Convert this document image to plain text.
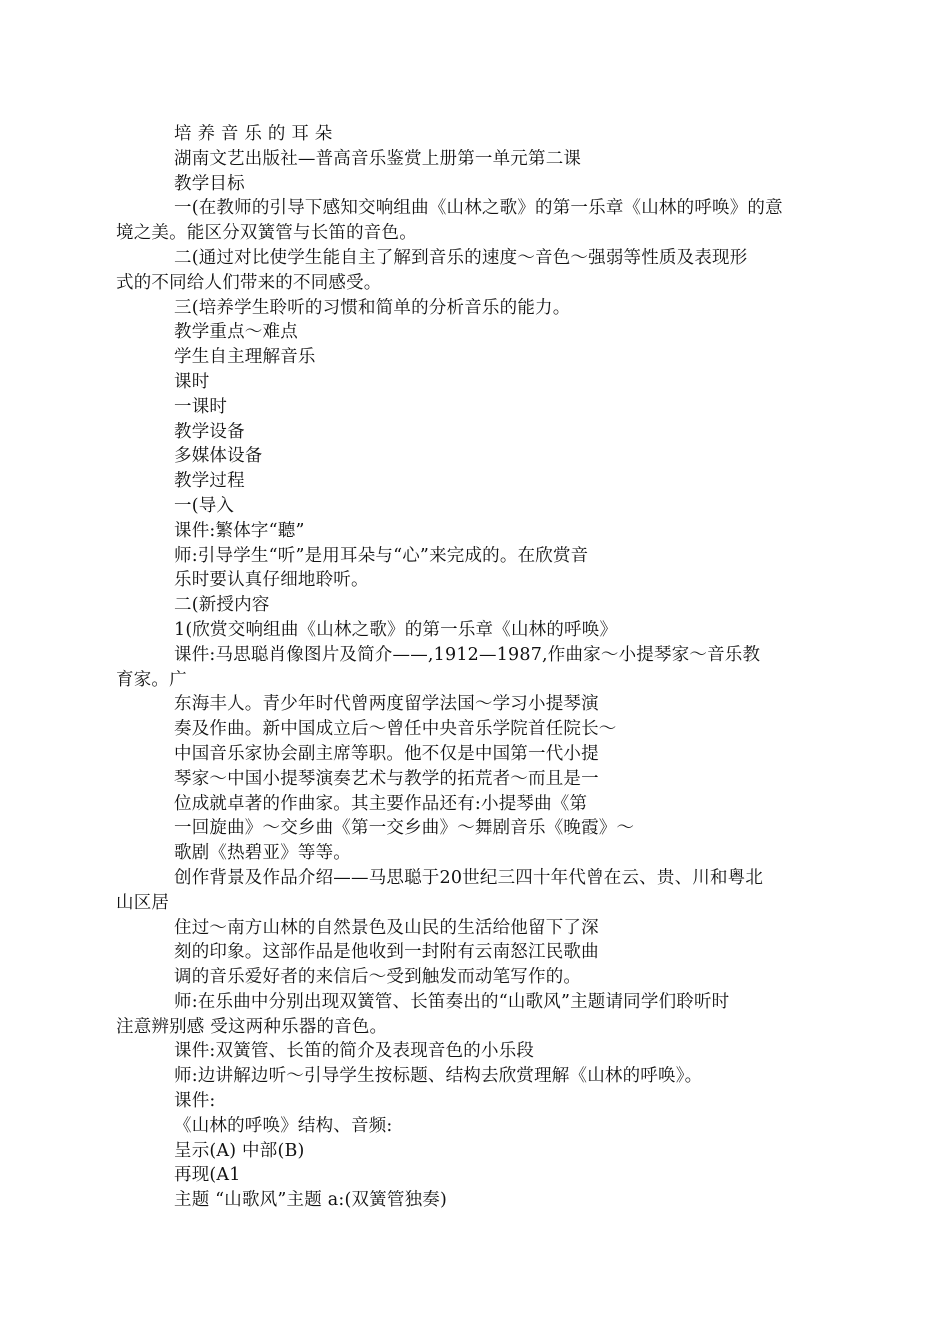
培 养 音 乐 的 耳 朵
湖南文艺出版社—普高音乐鉴赏上册第一单元第二课
教学目标
一(在教师的引导下感知交响组曲《山林之歌》的第一乐章《山林的呼唤》的意
境之美。能区分双簧管与长笛的音色。
二(通过对比使学生能自主了解到音乐的速度～音色～强弱等性质及表现形
式的不同给人们带来的不同感受。
三(培养学生聆听的习惯和简单的分析音乐的能力。
教学重点～难点
学生自主理解音乐
课时
一课时
教学设备
多媒体设备
教学过程
一(导入
课件:繁体字“聽”
师:引导学生“听”是用耳朵与“心”来完成的。在欣赏音
乐时要认真仔细地聆听。
二(新授内容
1(欣赏交响组曲《山林之歌》的第一乐章《山林的呼唤》
课件:马思聪肖像图片及简介——,1912—1987,作曲家～小提琴家～音乐教
育家。广
东海丰人。青少年时代曾两度留学法国～学习小提琴演
奏及作曲。新中国成立后～曾任中央音乐学院首任院长～
中国音乐家协会副主席等职。他不仅是中国第一代小提
琴家～中国小提琴演奏艺术与教学的拓荒者～而且是一
位成就卓著的作曲家。其主要作品还有:小提琴曲《第
一回旋曲》～交乡曲《第一交乡曲》～舞剧音乐《晚霞》～
歌剧《热碧亚》等等。
创作背景及作品介绍——马思聪于20世纪三四十年代曾在云、贵、川和粤北
山区居
住过～南方山林的自然景色及山民的生活给他留下了深
刻的印象。这部作品是他收到一封附有云南怒江民歌曲
调的音乐爱好者的来信后～受到触发而动笔写作的。
师:在乐曲中分别出现双簧管、长笛奏出的“山歌风”主题请同学们聆听时
注意辨别感 受这两种乐器的音色。
课件:双簧管、长笛的简介及表现音色的小乐段
师:边讲解边听～引导学生按标题、结构去欣赏理解《山林的呼唤》。
课件:
《山林的呼唤》结构、音频:
呈示(A) 中部(B)
再现(A1
主题 “山歌风”主题 a:(双簧管独奏)
